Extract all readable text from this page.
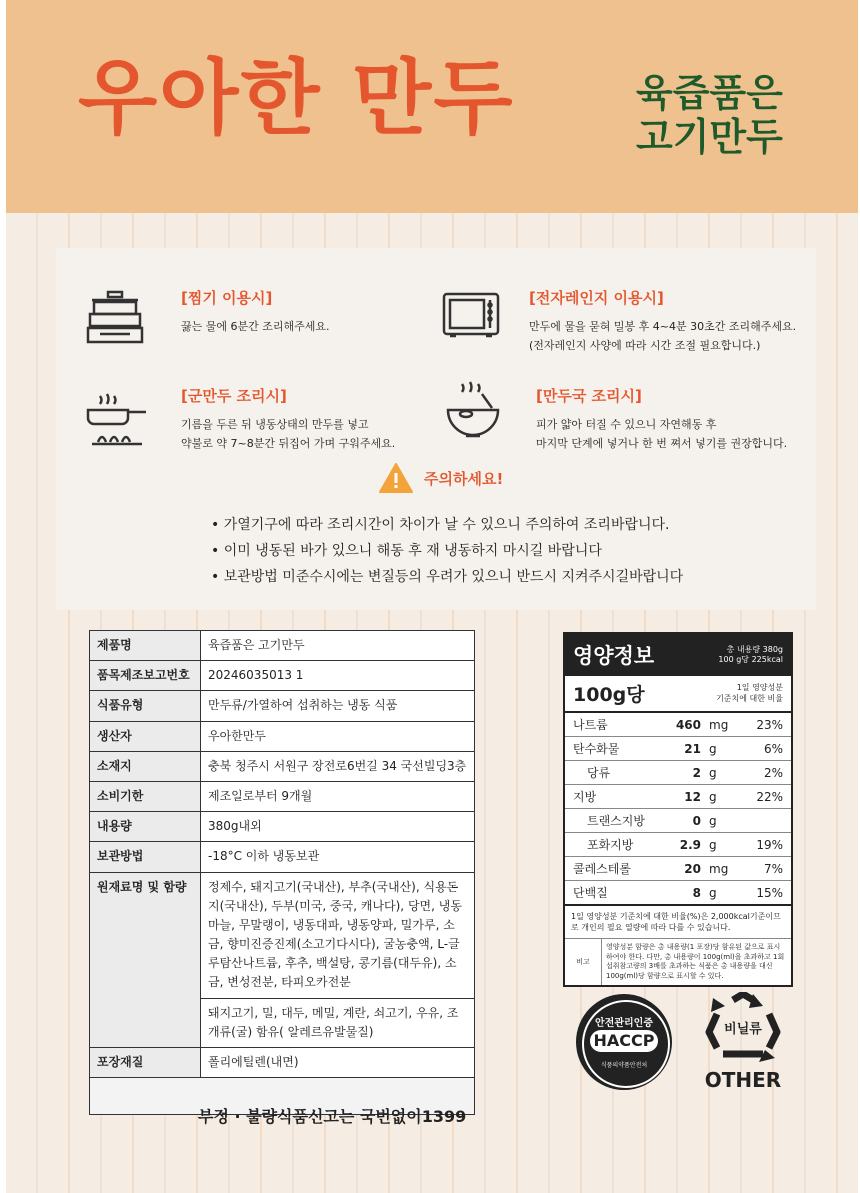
우아한 만두	육즙품은
고기만두
[찜기 이용시]
끓는 물에 6분간 조리해주세요.
[전자레인지 이용시]
만두에 물을 묻혀 밀봉 후 4~4분 30초간 조리해주세요.
(전자레인지 사양에 따라 시간 조절 필요합니다.)
[군만두 조리시]
기름을 두른 뒤 냉동상태의 만두를 넣고
약불로 약 7~8분간 뒤집어 가며 구워주세요.
[만두국 조리시]
피가 얇아 터질 수 있으니 자연해동 후
마지막 단계에 넣거나 한 번 쪄서 넣기를 권장합니다.
주의하세요!
• 가열기구에 따라 조리시간이 차이가 날 수 있으니 주의하여 조리바랍니다.
• 이미 냉동된 바가 있으니 해동 후 재 냉동하지 마시길 바랍니다
• 보관방법 미준수시에는 변질등의 우려가 있으니 반드시 지켜주시길바랍니다
제품명	육즙품은 고기만두
품목제조보고번호	20246035013 1
식품유형	만두류/가열하여 섭취하는 냉동 식품
생산자	우아한만두
소재지	충북 청주시 서원구 장전로6번길 34 국선빌딩3층
소비기한	제조일로부터 9개월
내용량	380g내외
보관방법	-18°C 이하 냉동보관
원재료명 및 함량	정제수, 돼지고기(국내산), 부추(국내산), 식용돈지(국내산), 두부(미국, 중국, 캐나다), 당면, 냉동마늘, 무말랭이, 냉동대파, 냉동양파, 밀가루, 소금, 향미진증진제(소고기다시다), 굴농충액, L-글루탐산나트륨, 후추, 백설탕, 콩기름(대두유), 소금, 변성전분, 타피오카전분
	돼지고기, 밀, 대두, 메밀, 계란, 쇠고기, 우유, 조개류(굴) 함유( 알레르유발물질)
포장재질	폴리에틸렌(내면)

영양정보	총 내용량 380g
100 g당 225kcal
100g당	1일 영양성분
기준치에 대한 비율
나트륨	460 mg	23%
탄수화물	21 g	6%
당류	2 g	2%
지방	12 g	22%
트랜스지방	0 g
포화지방	2.9 g	19%
콜레스테롤	20 mg	7%
단백질	8 g	15%
1일 영양성분 기준치에 대한 비율(%)은 2,000kcal기준이므로 개인의 필요 열량에 따라 다를 수 있습니다.
비고
영양성분 함량은 총 내용량(1 포장)당 함유된 값으로 표시 하여야 한다. 다만, 총 내용량이 100g(ml)을 초과하고 1회 섭취참고량의 3배를 초과하는 식품은 총 내용량을 대신 100g(ml)당 함량으로 표시할 수 있다.
안전관리인증
HACCP
식품의약품안전처
비닐류
OTHER
부정 · 불량식품신고는 국번없이1399
